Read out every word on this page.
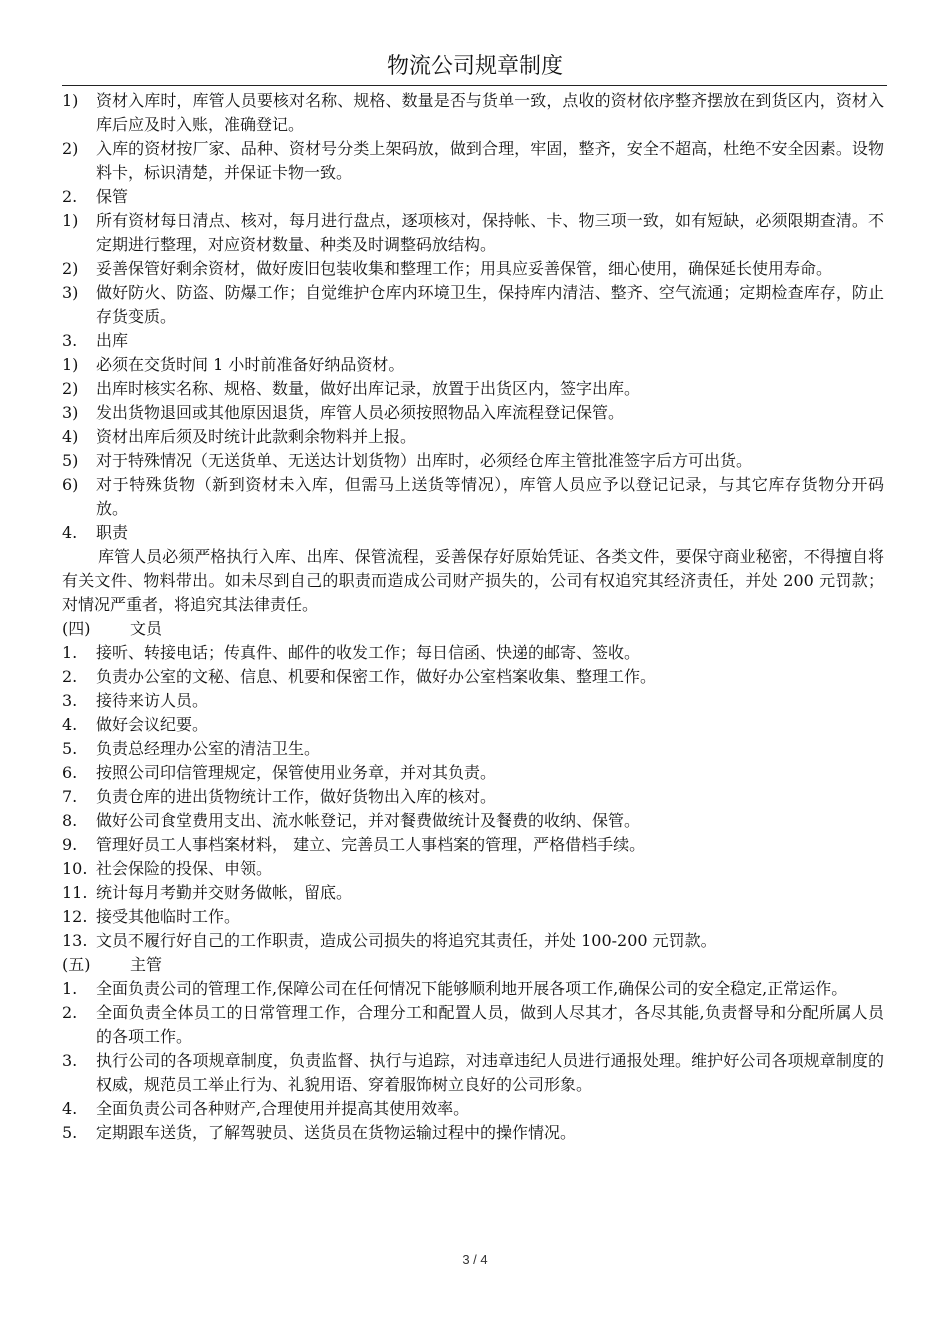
物流公司规章制度
1) 资材入库时，库管人员要核对名称、规格、数量是否与货单一致，点收的资材依序整齐摆放在到货区内，资材入库后应及时入账，准确登记。
2) 入库的资材按厂家、品种、资材号分类上架码放，做到合理，牢固，整齐，安全不超高，杜绝不安全因素。设物料卡，标识清楚，并保证卡物一致。
2. 保管
1) 所有资材每日清点、核对，每月进行盘点，逐项核对，保持帐、卡、物三项一致，如有短缺，必须限期查清。不定期进行整理，对应资材数量、种类及时调整码放结构。
2) 妥善保管好剩余资材，做好废旧包装收集和整理工作；用具应妥善保管，细心使用，确保延长使用寿命。
3) 做好防火、防盗、防爆工作；自觉维护仓库内环境卫生，保持库内清洁、整齐、空气流通；定期检查库存，防止存货变质。
3. 出库
1) 必须在交货时间 1 小时前准备好纳品资材。
2) 出库时核实名称、规格、数量，做好出库记录，放置于出货区内，签字出库。
3) 发出货物退回或其他原因退货，库管人员必须按照物品入库流程登记保管。
4) 资材出库后须及时统计此款剩余物料并上报。
5) 对于特殊情况（无送货单、无送达计划货物）出库时，必须经仓库主管批准签字后方可出货。
6) 对于特殊货物（新到资材未入库，但需马上送货等情况），库管人员应予以登记记录，与其它库存货物分开码放。
4. 职责
库管人员必须严格执行入库、出库、保管流程，妥善保存好原始凭证、各类文件，要保守商业秘密，不得擅自将有关文件、物料带出。如未尽到自己的职责而造成公司财产损失的，公司有权追究其经济责任，并处 200 元罚款；对情况严重者，将追究其法律责任。
(四) 文员
1. 接听、转接电话；传真件、邮件的收发工作；每日信函、快递的邮寄、签收。
2. 负责办公室的文秘、信息、机要和保密工作，做好办公室档案收集、整理工作。
3. 接待来访人员。
4. 做好会议纪要。
5. 负责总经理办公室的清洁卫生。
6. 按照公司印信管理规定，保管使用业务章，并对其负责。
7. 负责仓库的进出货物统计工作，做好货物出入库的核对。
8. 做好公司食堂费用支出、流水帐登记，并对餐费做统计及餐费的收纳、保管。
9. 管理好员工人事档案材料， 建立、完善员工人事档案的管理，严格借档手续。
10. 社会保险的投保、申领。
11. 统计每月考勤并交财务做帐，留底。
12. 接受其他临时工作。
13. 文员不履行好自己的工作职责，造成公司损失的将追究其责任，并处 100-200 元罚款。
(五) 主管
1. 全面负责公司的管理工作,保障公司在任何情况下能够顺利地开展各项工作,确保公司的安全稳定,正常运作。
2. 全面负责全体员工的日常管理工作，合理分工和配置人员，做到人尽其才，各尽其能,负责督导和分配所属人员的各项工作。
3. 执行公司的各项规章制度，负责监督、执行与追踪，对违章违纪人员进行通报处理。维护好公司各项规章制度的权威，规范员工举止行为、礼貌用语、穿着服饰树立良好的公司形象。
4. 全面负责公司各种财产,合理使用并提高其使用效率。
5. 定期跟车送货，了解驾驶员、送货员在货物运输过程中的操作情况。
3 / 4
